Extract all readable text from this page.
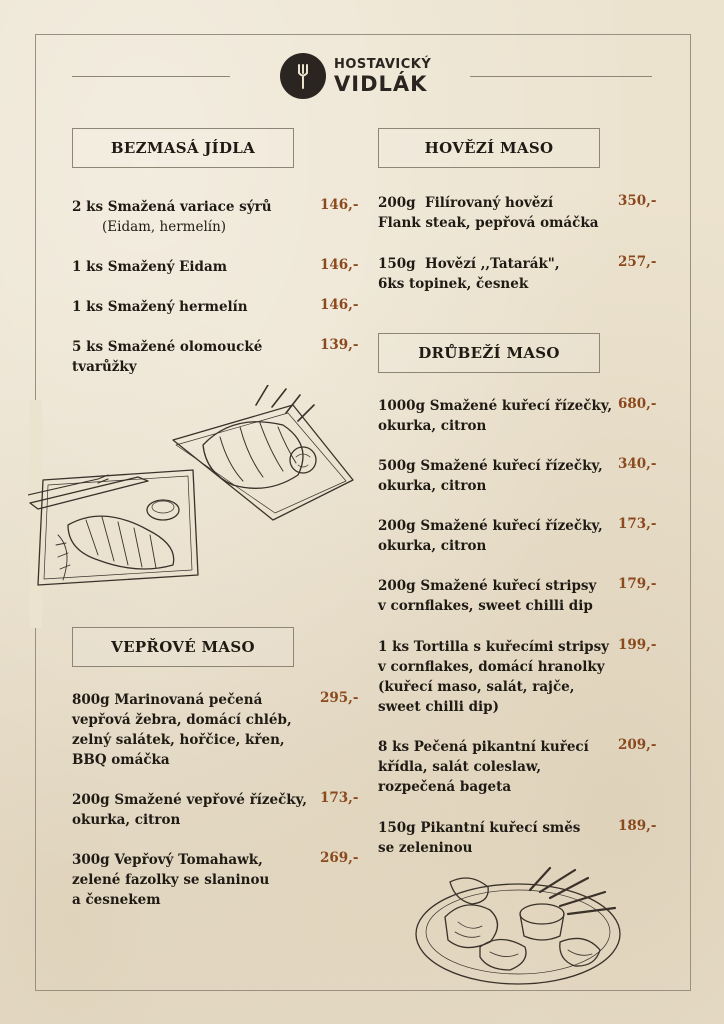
HOSTAVICKÝ
VIDLÁK
BEZMASÁ JÍDLA
VEPŘOVÉ MASO
HOVĚZÍ MASO
DRŮBEŽÍ MASO
2 ks Smažená variace sýrů
(Eidam, hermelín)
146,-
1 ks Smažený Eidam	146,-
1 ks Smažený hermelín	146,-
5 ks Smažené olomoucké
tvarůžky
139,-
800g Marinovaná pečená
vepřová žebra, domácí chléb,
zelný salátek, hořčice, křen,
BBQ omáčka
295,-
200g Smažené vepřové řízečky,
okurka, citron
173,-
300g Vepřový Tomahawk,
zelené fazolky se slaninou
a česnekem
269,-
200g  Filírovaný hovězí
Flank steak, pepřová omáčka
350,-
150g  Hovězí ,,Tatarák",
6ks topinek, česnek
257,-
1000g Smažené kuřecí řízečky,
okurka, citron
680,-
500g Smažené kuřecí řízečky,
okurka, citron
340,-
200g Smažené kuřecí řízečky,
okurka, citron
173,-
200g Smažené kuřecí stripsy
v cornflakes, sweet chilli dip
179,-
1 ks Tortilla s kuřecími stripsy
v cornflakes, domácí hranolky
(kuřecí maso, salát, rajče,
sweet chilli dip)
199,-
8 ks Pečená pikantní kuřecí
křídla, salát coleslaw,
rozpečená bageta
209,-
150g Pikantní kuřecí směs
se zeleninou
189,-
